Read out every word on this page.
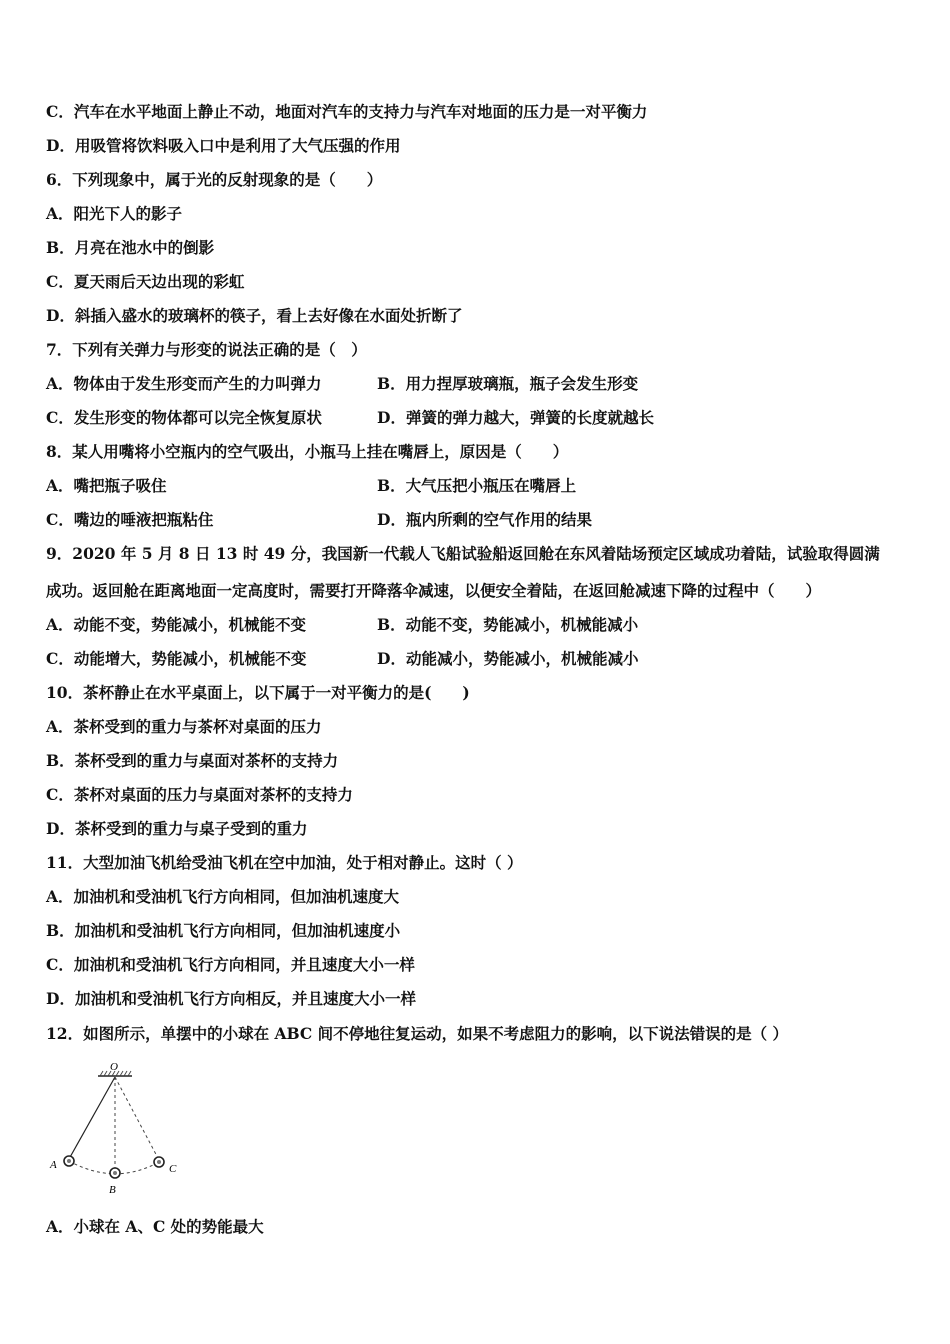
C．汽车在水平地面上静止不动，地面对汽车的支持力与汽车对地面的压力是一对平衡力
D．用吸管将饮料吸入口中是利用了大气压强的作用
6．下列现象中，属于光的反射现象的是（　　）
A．阳光下人的影子
B．月亮在池水中的倒影
C．夏天雨后天边出现的彩虹
D．斜插入盛水的玻璃杯的筷子，看上去好像在水面处折断了
7．下列有关弹力与形变的说法正确的是（　）
A．物体由于发生形变而产生的力叫弹力	B．用力捏厚玻璃瓶，瓶子会发生形变
C．发生形变的物体都可以完全恢复原状	D．弹簧的弹力越大，弹簧的长度就越长
8．某人用嘴将小空瓶内的空气吸出，小瓶马上挂在嘴唇上，原因是（　　）
A．嘴把瓶子吸住	B．大气压把小瓶压在嘴唇上
C．嘴边的唾液把瓶粘住	D．瓶内所剩的空气作用的结果
9．2020 年 5 月 8 日 13 时 49 分，我国新一代载人飞船试验船返回舱在东风着陆场预定区域成功着陆，试验取得圆满
成功。返回舱在距离地面一定高度时，需要打开降落伞减速，以便安全着陆，在返回舱减速下降的过程中（　　）
A．动能不变，势能减小，机械能不变	B．动能不变，势能减小，机械能减小
C．动能增大，势能减小，机械能不变	D．动能减小，势能减小，机械能减小
10．茶杯静止在水平桌面上，以下属于一对平衡力的是(　　)
A．茶杯受到的重力与茶杯对桌面的压力
B．茶杯受到的重力与桌面对茶杯的支持力
C．茶杯对桌面的压力与桌面对茶杯的支持力
D．茶杯受到的重力与桌子受到的重力
11．大型加油飞机给受油飞机在空中加油，处于相对静止。这时（ ）
A．加油机和受油机飞行方向相同，但加油机速度大
B．加油机和受油机飞行方向相同，但加油机速度小
C．加油机和受油机飞行方向相同，并且速度大小一样
D．加油机和受油机飞行方向相反，并且速度大小一样
12．如图所示，单摆中的小球在 ABC 间不停地往复运动，如果不考虑阻力的影响，以下说法错误的是（ ）
O
A
B
C
A．小球在 A、C 处的势能最大
